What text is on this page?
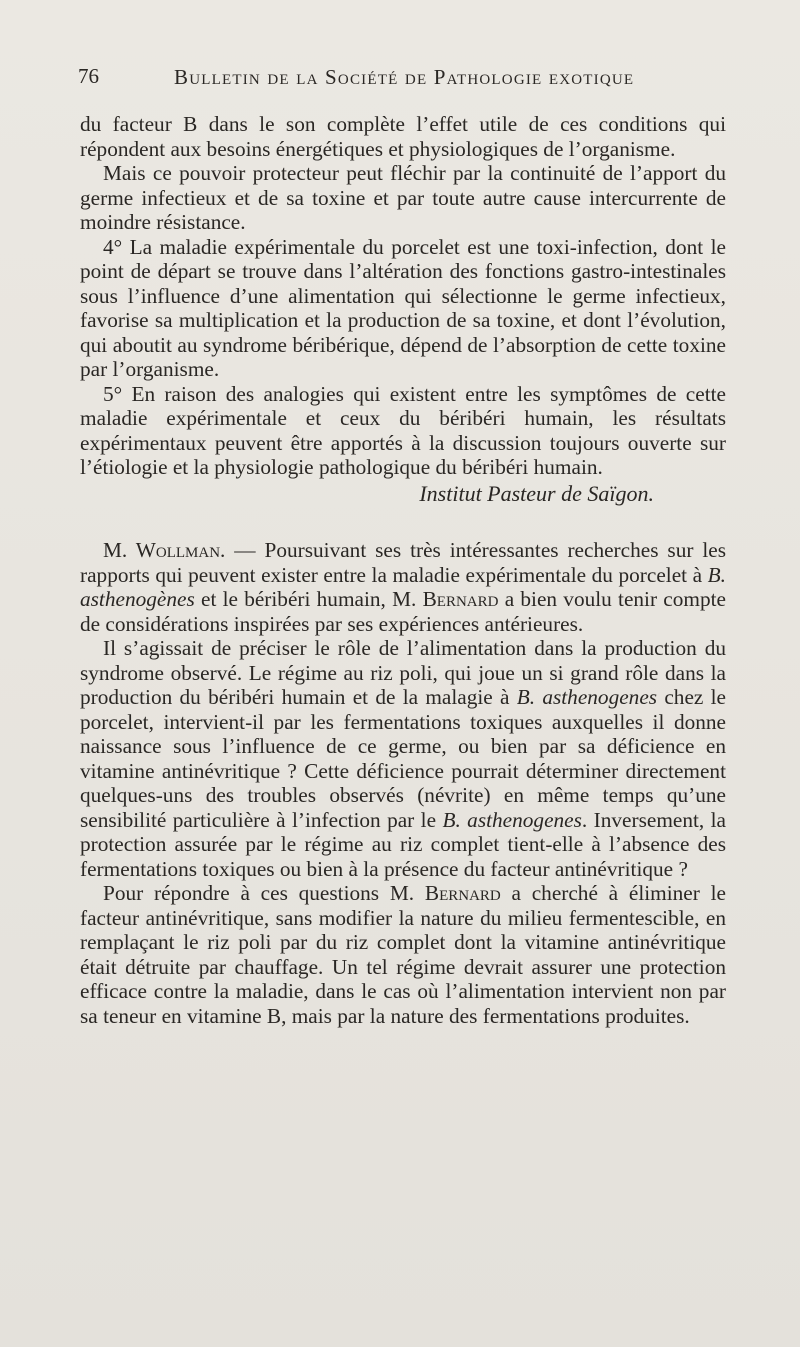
76	Bulletin de la Société de Pathologie exotique

du facteur B dans le son complète l’effet utile de ces conditions qui répondent aux besoins énergétiques et physiologiques de l’organisme.

Mais ce pouvoir protecteur peut fléchir par la continuité de l’apport du germe infectieux et de sa toxine et par toute autre cause intercurrente de moindre résistance.

4° La maladie expérimentale du porcelet est une toxi-infection, dont le point de départ se trouve dans l’altération des fonctions gastro-intestinales sous l’influence d’une alimentation qui sélectionne le germe infectieux, favorise sa multiplication et la production de sa toxine, et dont l’évolution, qui aboutit au syndrome béribérique, dépend de l’absorption de cette toxine par l’organisme.

5° En raison des analogies qui existent entre les symptômes de cette maladie expérimentale et ceux du béribéri humain, les résultats expérimentaux peuvent être apportés à la discussion toujours ouverte sur l’étiologie et la physiologie pathologique du béribéri humain.

Institut Pasteur de Saïgon.

M. Wollman. — Poursuivant ses très intéressantes recherches sur les rapports qui peuvent exister entre la maladie expérimentale du porcelet à B. asthenogènes et le béribéri humain, M. Bernard a bien voulu tenir compte de considérations inspirées par ses expériences antérieures.

Il s’agissait de préciser le rôle de l’alimentation dans la production du syndrome observé. Le régime au riz poli, qui joue un si grand rôle dans la production du béribéri humain et de la malagie à B. asthenogenes chez le porcelet, intervient-il par les fermentations toxiques auxquelles il donne naissance sous l’influence de ce germe, ou bien par sa déficience en vitamine antinévritique ? Cette déficience pourrait déterminer directement quelques-uns des troubles observés (névrite) en même temps qu’une sensibilité particulière à l’infection par le B. asthenogenes. Inversement, la protection assurée par le régime au riz complet tient-elle à l’absence des fermentations toxiques ou bien à la présence du facteur antinévritique ?

Pour répondre à ces questions M. Bernard a cherché à éliminer le facteur antinévritique, sans modifier la nature du milieu fermentescible, en remplaçant le riz poli par du riz complet dont la vitamine antinévritique était détruite par chauffage. Un tel régime devrait assurer une protection efficace contre la maladie, dans le cas où l’alimentation intervient non par sa teneur en vitamine B, mais par la nature des fermentations produites.
